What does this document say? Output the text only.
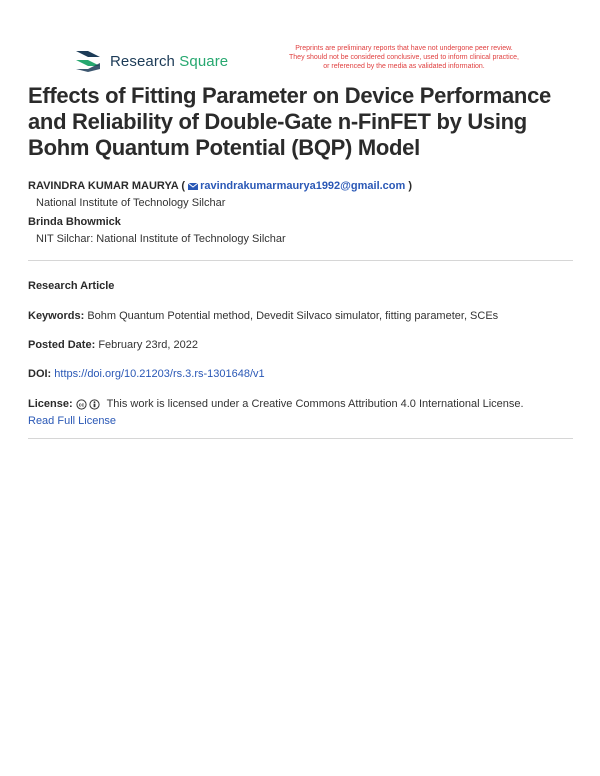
Research Square
Preprints are preliminary reports that have not undergone peer review.
They should not be considered conclusive, used to inform clinical practice,
or referenced by the media as validated information.
Effects of Fitting Parameter on Device Performance and Reliability of Double-Gate n-FinFET by Using Bohm Quantum Potential (BQP) Model
RAVINDRA KUMAR MAURYA ( ravindrakumarmaurya1992@gmail.com )
National Institute of Technology Silchar
Brinda Bhowmick
NIT Silchar: National Institute of Technology Silchar
Research Article
Keywords: Bohm Quantum Potential method, Devedit Silvaco simulator, fitting parameter, SCEs
Posted Date: February 23rd, 2022
DOI: https://doi.org/10.21203/rs.3.rs-1301648/v1
License: cc This work is licensed under a Creative Commons Attribution 4.0 International License.
Read Full License
